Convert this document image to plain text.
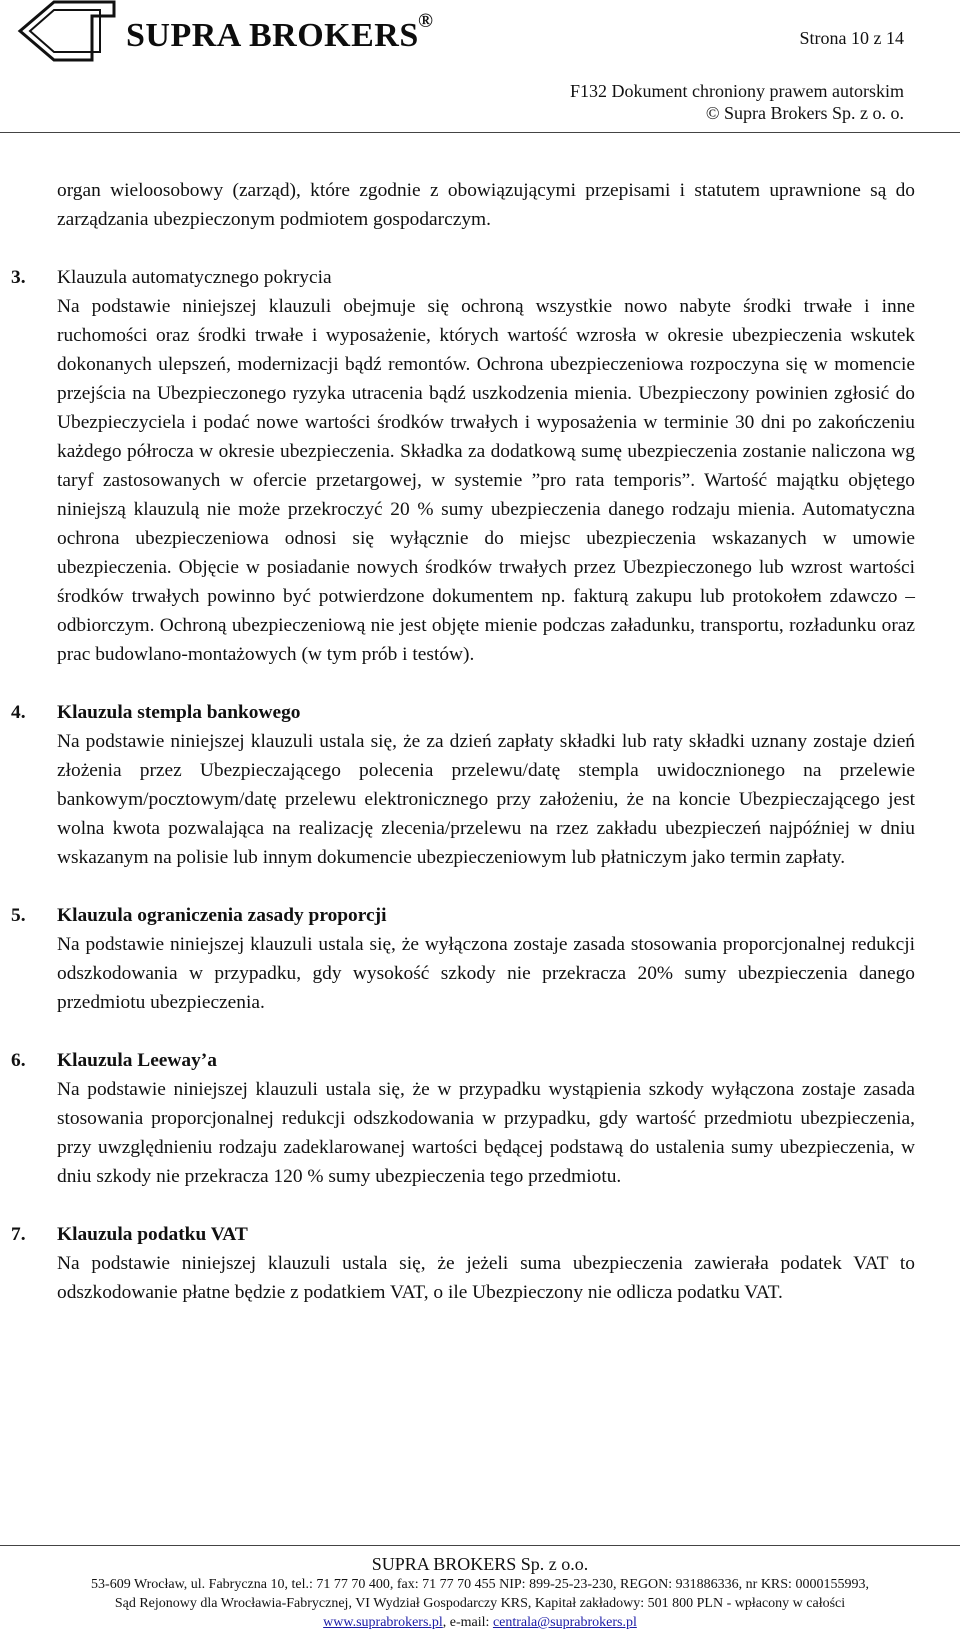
SUPRA BROKERS ®
Strona 10 z 14
F132 Dokument chroniony prawem autorskim
© Supra Brokers Sp. z o. o.

organ wieloosobowy (zarząd), które zgodnie z obowiązującymi przepisami i statutem uprawnione są do zarządzania ubezpieczonym podmiotem gospodarczym.

3. Klauzula automatycznego pokrycia

Na podstawie niniejszej klauzuli obejmuje się ochroną wszystkie nowo nabyte środki trwałe i inne ruchomości oraz środki trwałe i wyposażenie, których wartość wzrosła w okresie ubezpieczenia wskutek dokonanych ulepszeń, modernizacji bądź remontów. Ochrona ubezpieczeniowa rozpoczyna się w momencie przejścia na Ubezpieczonego ryzyka utracenia bądź uszkodzenia mienia. Ubezpieczony powinien zgłosić do Ubezpieczyciela i podać nowe wartości środków trwałych i wyposażenia w terminie 30 dni po zakończeniu każdego półrocza w okresie ubezpieczenia. Składka za dodatkową sumę ubezpieczenia zostanie naliczona wg taryf zastosowanych w ofercie przetargowej, w systemie ”pro rata temporis”. Wartość majątku objętego niniejszą klauzulą nie może przekroczyć 20 % sumy ubezpieczenia danego rodzaju mienia. Automatyczna ochrona ubezpieczeniowa odnosi się wyłącznie do miejsc ubezpieczenia wskazanych w umowie ubezpieczenia. Objęcie w posiadanie nowych środków trwałych przez Ubezpieczonego lub wzrost wartości środków trwałych powinno być potwierdzone dokumentem np. fakturą zakupu lub protokołem zdawczo – odbiorczym. Ochroną ubezpieczeniową nie jest objęte mienie podczas załadunku, transportu, rozładunku oraz prac budowlano-montażowych (w tym prób i testów).

4. Klauzula stempla bankowego

Na podstawie niniejszej klauzuli ustala się, że za dzień zapłaty składki lub raty składki uznany zostaje dzień złożenia przez Ubezpieczającego polecenia przelewu/datę stempla uwidocznionego na przelewie bankowym/pocztowym/datę przelewu elektronicznego przy założeniu, że na koncie Ubezpieczającego jest wolna kwota pozwalająca na realizację zlecenia/przelewu na rzez zakładu ubezpieczeń najpóźniej w dniu wskazanym na polisie lub innym dokumencie ubezpieczeniowym lub płatniczym jako termin zapłaty.

5. Klauzula ograniczenia zasady proporcji

Na podstawie niniejszej klauzuli ustala się, że wyłączona zostaje zasada stosowania proporcjonalnej redukcji odszkodowania w przypadku, gdy wysokość szkody nie przekracza 20% sumy ubezpieczenia danego przedmiotu ubezpieczenia.

6. Klauzula Leeway’a

Na podstawie niniejszej klauzuli ustala się, że w przypadku wystąpienia szkody wyłączona zostaje zasada stosowania proporcjonalnej redukcji odszkodowania w przypadku, gdy wartość przedmiotu ubezpieczenia, przy uwzględnieniu rodzaju zadeklarowanej wartości będącej podstawą do ustalenia sumy ubezpieczenia, w dniu szkody nie przekracza 120 % sumy ubezpieczenia tego przedmiotu.

7. Klauzula podatku VAT

Na podstawie niniejszej klauzuli ustala się, że jeżeli suma ubezpieczenia zawierała podatek VAT to odszkodowanie płatne będzie z podatkiem VAT, o ile Ubezpieczony nie odlicza podatku VAT.

SUPRA BROKERS Sp. z o.o.
53-609 Wrocław, ul. Fabryczna 10, tel.: 71 77 70 400, fax: 71 77 70 455 NIP: 899-25-23-230, REGON: 931886336, nr KRS: 0000155993,
Sąd Rejonowy dla Wrocławia-Fabrycznej, VI Wydział Gospodarczy KRS, Kapitał zakładowy: 501 800 PLN - wpłacony w całości
www.suprabrokers.pl, e-mail: centrala@suprabrokers.pl
